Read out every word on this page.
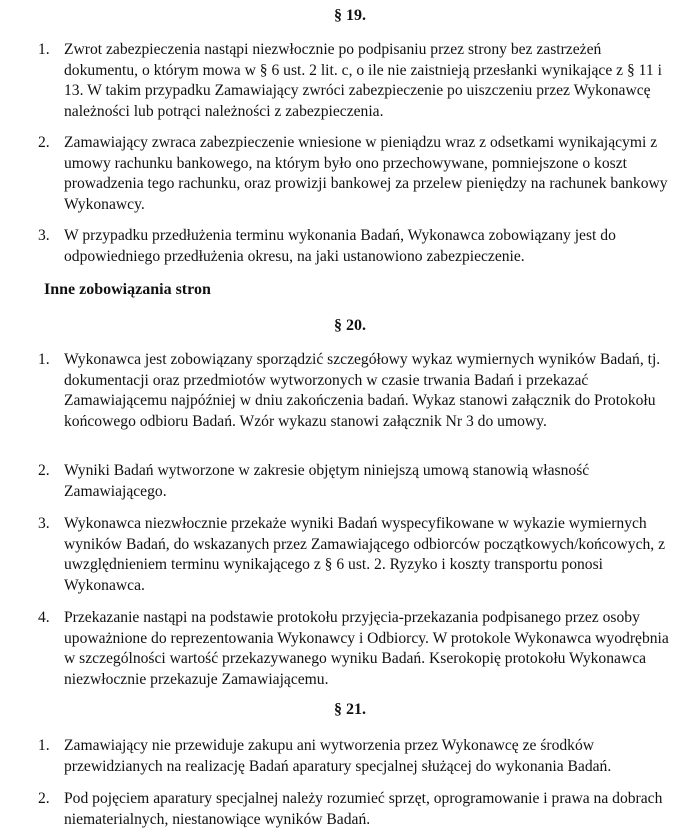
§ 19.
1. Zwrot zabezpieczenia nastąpi niezwłocznie po podpisaniu przez strony bez zastrzeżeń dokumentu, o którym mowa w § 6 ust. 2 lit. c, o ile nie zaistnieją przesłanki wynikające z § 11 i 13. W takim przypadku Zamawiający zwróci zabezpieczenie po uiszczeniu przez Wykonawcę należności lub potrąci należności z zabezpieczenia.
2. Zamawiający zwraca zabezpieczenie wniesione w pieniądzu wraz z odsetkami wynikającymi z umowy rachunku bankowego, na którym było ono przechowywane, pomniejszone o koszt prowadzenia tego rachunku, oraz prowizji bankowej za przelew pieniędzy na rachunek bankowy Wykonawcy.
3. W przypadku przedłużenia terminu wykonania Badań, Wykonawca zobowiązany jest do odpowiedniego przedłużenia okresu, na jaki ustanowiono zabezpieczenie.
Inne zobowiązania stron
§ 20.
1. Wykonawca jest zobowiązany sporządzić szczegółowy wykaz wymiernych wyników Badań, tj. dokumentacji oraz przedmiotów wytworzonych w czasie trwania Badań i przekazać Zamawiającemu najpóźniej w dniu zakończenia badań. Wykaz stanowi załącznik do Protokołu końcowego odbioru Badań. Wzór wykazu stanowi załącznik Nr 3 do umowy.
2. Wyniki Badań wytworzone w zakresie objętym niniejszą umową stanowią własność Zamawiającego.
3. Wykonawca niezwłocznie przekaże wyniki Badań wyspecyfikowane w wykazie wymiernych wyników Badań, do wskazanych przez Zamawiającego odbiorców początkowych/końcowych, z uwzględnieniem terminu wynikającego z § 6 ust. 2. Ryzyko i koszty transportu ponosi Wykonawca.
4. Przekazanie nastąpi na podstawie protokołu przyjęcia-przekazania podpisanego przez osoby upoważnione do reprezentowania Wykonawcy i Odbiorcy. W protokole Wykonawca wyodrębnia w szczególności wartość przekazywanego wyniku Badań. Kserokopię protokołu Wykonawca niezwłocznie przekazuje Zamawiającemu.
§ 21.
1. Zamawiający nie przewiduje zakupu ani wytworzenia przez Wykonawcę ze środków przewidzianych na realizację Badań aparatury specjalnej służącej do wykonania Badań.
2. Pod pojęciem aparatury specjalnej należy rozumieć sprzęt, oprogramowanie i prawa na dobrach niematerialnych, niestanowiące wyników Badań.
